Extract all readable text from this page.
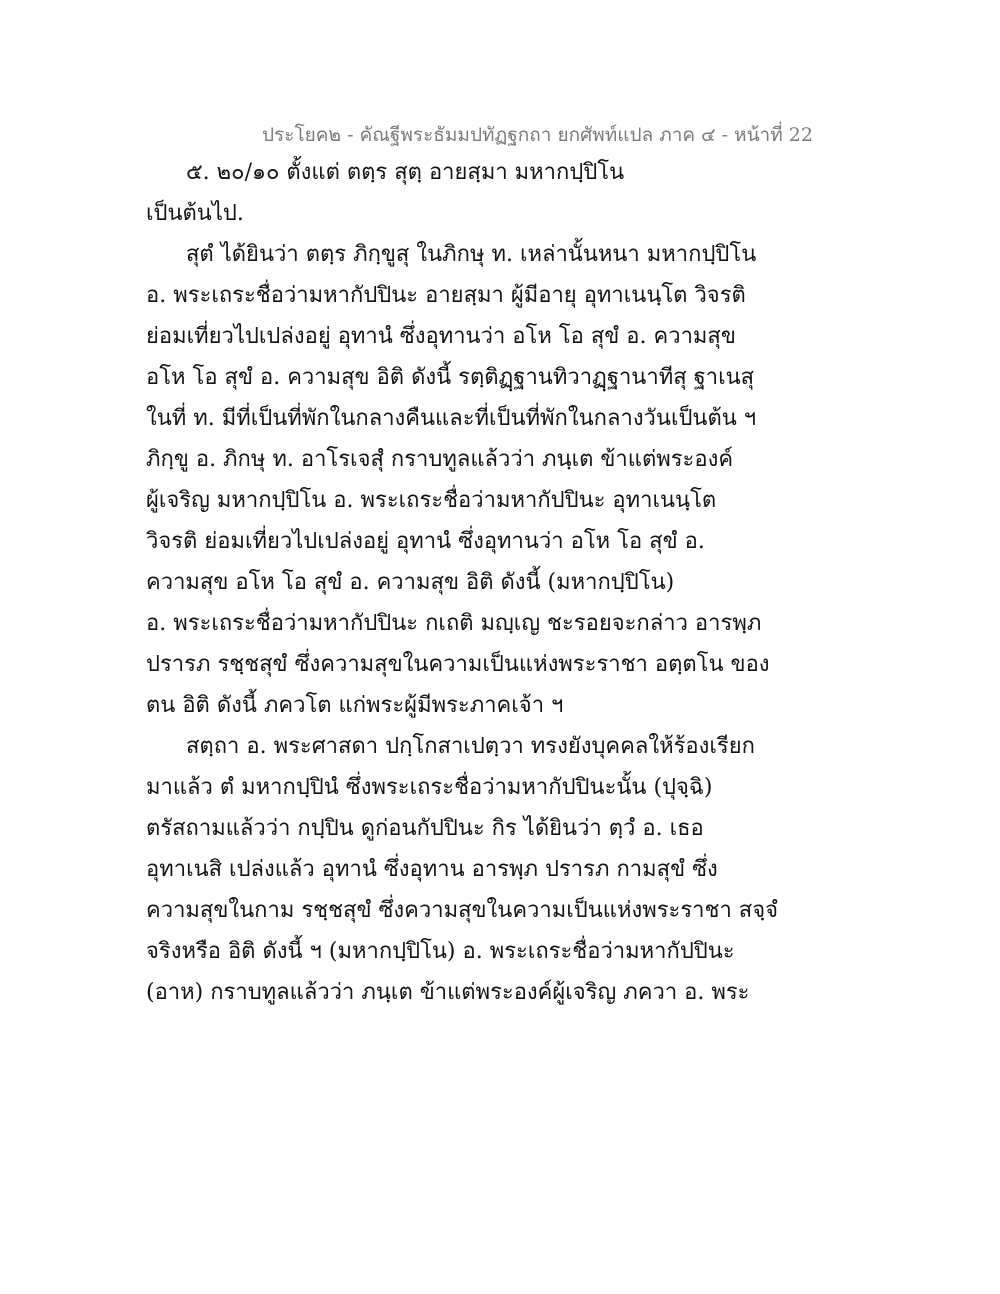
ประโยค๒ - คัณฐีพระธัมมปทัฏฐกถา ยกศัพท์แปล ภาค ๔ - หน้าที่ 22
๕. ๒๐/๑๐ ตั้งแต่ ตตฺร สุตฺ อายสฺมา มหากปฺปิโน
เป็นต้นไป.
สุตํ ได้ยินว่า ตตฺร ภิกฺขูสุ ในภิกษุ ท. เหล่านั้นหนา มหากปฺปิโน
อ. พระเถระชื่อว่ามหากัปปินะ อายสฺมา ผู้มีอายุ อุทาเนนฺโต วิจรติ
ย่อมเที่ยวไปเปล่งอยู่ อุทานํ ซึ่งอุทานว่า อโห โอ สุขํ อ. ความสุข
อโห โอ สุขํ อ. ความสุข อิติ ดังนี้ รตฺติฏฺฐานทิวาฏฺฐานาทีสุ ฐาเนสุ
ในที่ ท. มีที่เป็นที่พักในกลางคืนและที่เป็นที่พักในกลางวันเป็นต้น ฯ
ภิกฺขู อ. ภิกษุ ท. อาโรเจสุํ กราบทูลแล้วว่า ภนฺเต ข้าแต่พระองค์
ผู้เจริญ มหากปฺปิโน อ. พระเถระชื่อว่ามหากัปปินะ อุทาเนนฺโต
วิจรติ ย่อมเที่ยวไปเปล่งอยู่ อุทานํ ซึ่งอุทานว่า อโห โอ สุขํ อ.
ความสุข อโห โอ สุขํ อ. ความสุข อิติ ดังนี้ (มหากปฺปิโน)
อ. พระเถระชื่อว่ามหากัปปินะ กเถติ มญฺเญ ชะรอยจะกล่าว อารพฺภ
ปรารภ รชฺชสุขํ ซึ่งความสุขในความเป็นแห่งพระราชา อตฺตโน ของ
ตน อิติ ดังนี้ ภควโต แก่พระผู้มีพระภาคเจ้า ฯ
สตฺถา อ. พระศาสดา ปกฺโกสาเปตฺวา ทรงยังบุคคลให้ร้องเรียก
มาแล้ว ตํ มหากปฺปินํ ซึ่งพระเถระชื่อว่ามหากัปปินะนั้น (ปุจฺฉิ)
ตรัสถามแล้วว่า กปฺปิน ดูก่อนกัปปินะ กิร ได้ยินว่า ตฺวํ อ. เธอ
อุทาเนสิ เปล่งแล้ว อุทานํ ซึ่งอุทาน อารพฺภ ปรารภ กามสุขํ ซึ่ง
ความสุขในกาม รชฺชสุขํ ซึ่งความสุขในความเป็นแห่งพระราชา สจฺจํ
จริงหรือ อิติ ดังนี้ ฯ (มหากปฺปิโน) อ. พระเถระชื่อว่ามหากัปปินะ
(อาห) กราบทูลแล้วว่า ภนฺเต ข้าแต่พระองค์ผู้เจริญ ภควา อ. พระ
